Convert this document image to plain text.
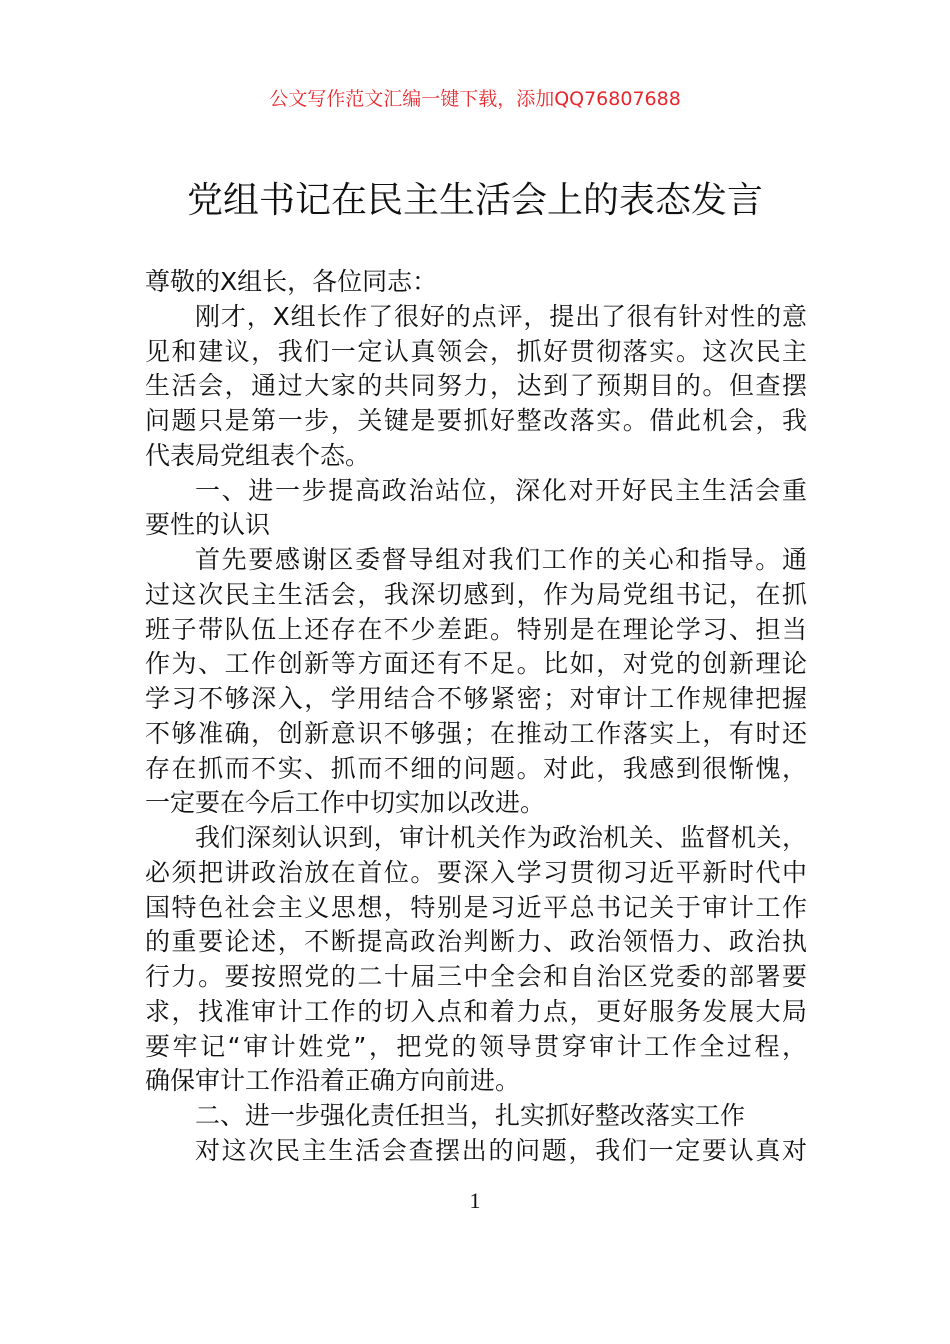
公文写作范文汇编一键下载，添加QQ76807688
党组书记在民主生活会上的表态发言
尊敬的X组长，各位同志：
刚才，X组长作了很好的点评，提出了很有针对性的意
见和建议，我们一定认真领会，抓好贯彻落实。这次民主
生活会，通过大家的共同努力，达到了预期目的。但查摆
问题只是第一步，关键是要抓好整改落实。借此机会，我
代表局党组表个态。
一、进一步提高政治站位，深化对开好民主生活会重
要性的认识
首先要感谢区委督导组对我们工作的关心和指导。通
过这次民主生活会，我深切感到，作为局党组书记，在抓
班子带队伍上还存在不少差距。特别是在理论学习、担当
作为、工作创新等方面还有不足。比如，对党的创新理论
学习不够深入，学用结合不够紧密；对审计工作规律把握
不够准确，创新意识不够强；在推动工作落实上，有时还
存在抓而不实、抓而不细的问题。对此，我感到很惭愧，
一定要在今后工作中切实加以改进。
我们深刻认识到，审计机关作为政治机关、监督机关，
必须把讲政治放在首位。要深入学习贯彻习近平新时代中
国特色社会主义思想，特别是习近平总书记关于审计工作
的重要论述，不断提高政治判断力、政治领悟力、政治执
行力。要按照党的二十届三中全会和自治区党委的部署要
求，找准审计工作的切入点和着力点，更好服务发展大局
要牢记“审计姓党”，把党的领导贯穿审计工作全过程，
确保审计工作沿着正确方向前进。
二、进一步强化责任担当，扎实抓好整改落实工作
对这次民主生活会查摆出的问题，我们一定要认真对
1
